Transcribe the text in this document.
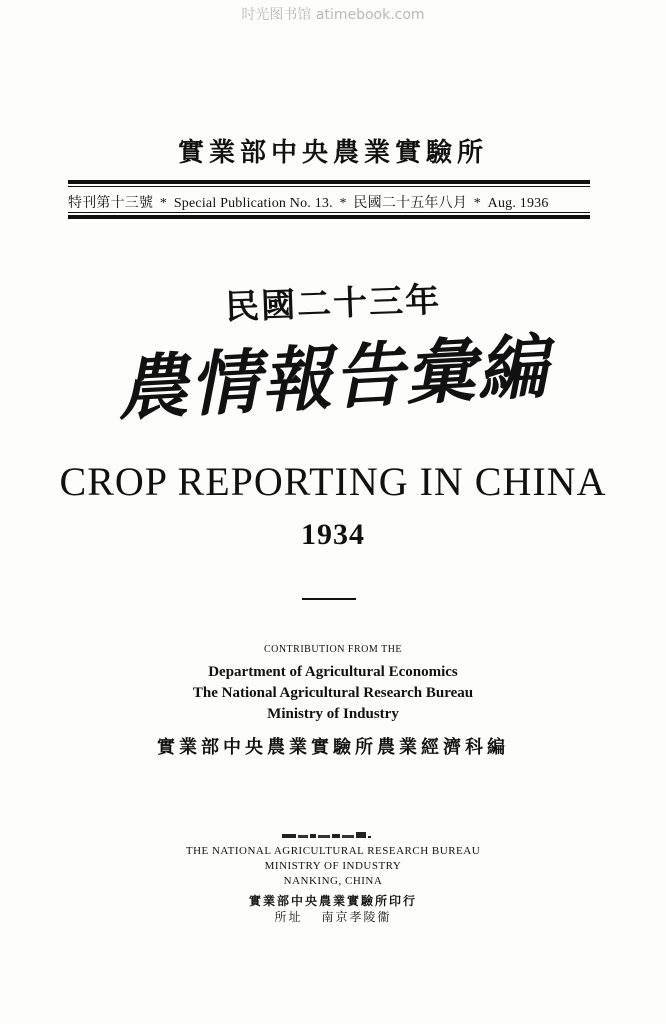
时光图书馆 atimebook.com
實業部中央農業實驗所
特刊第十三號 * Special Publication No. 13. * 民國二十五年八月 * Aug. 1936
民國二十三年
農情報告彙編
CROP REPORTING IN CHINA
1934
CONTRIBUTION FROM THE
Department of Agricultural Economics
The National Agricultural Research Bureau
Ministry of Industry
實業部中央農業實驗所農業經濟科編
THE NATIONAL AGRICULTURAL RESEARCH BUREAU
MINISTRY OF INDUSTRY
NANKING, CHINA
實業部中央農業實驗所印行
所址 南京孝陵衞
